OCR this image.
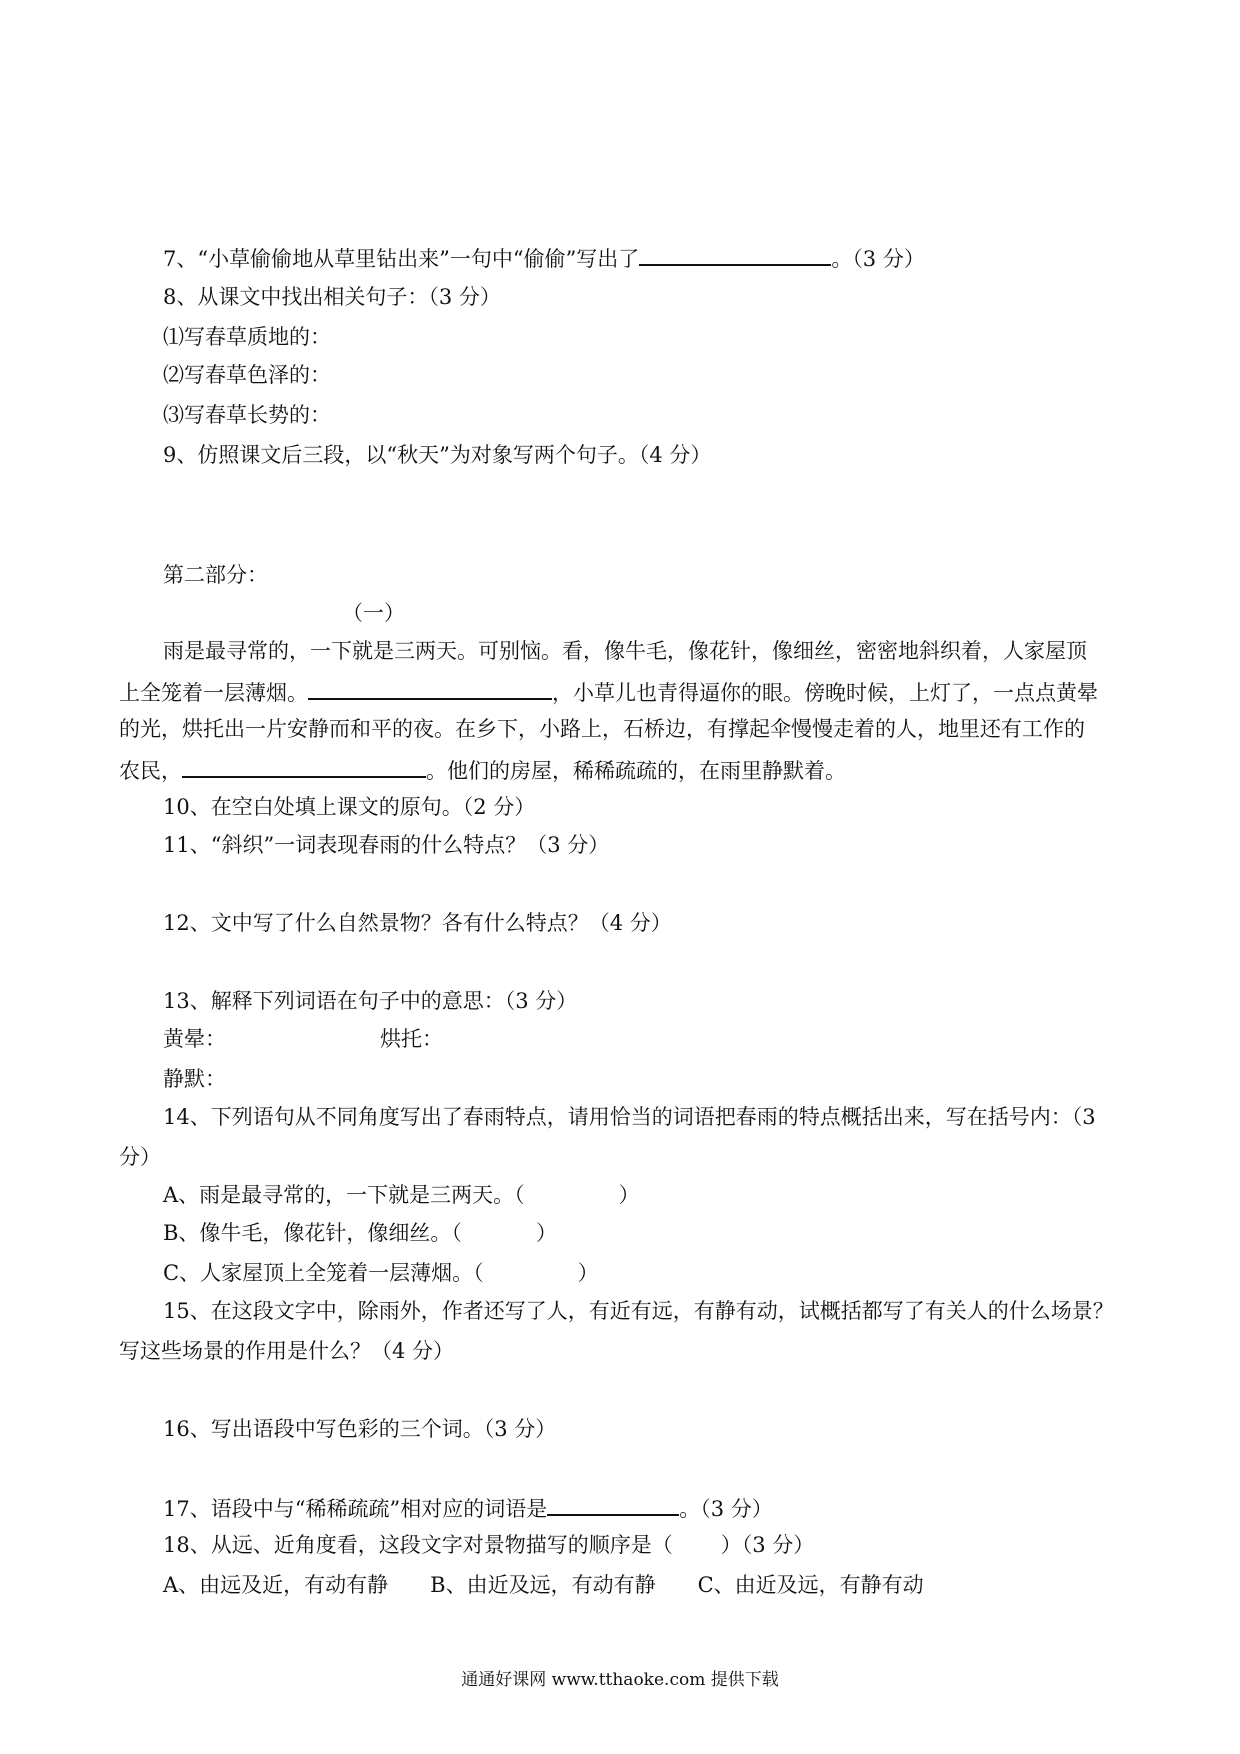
7、“小草偷偷地从草里钻出来”一句中“偷偷”写出了	。（3 分）

8、从课文中找出相关句子：（3 分）

⑴写春草质地的：

⑵写春草色泽的：

⑶写春草长势的：

9、仿照课文后三段，以“秋天”为对象写两个句子。（4 分）

第二部分：

（一）

雨是最寻常的，一下就是三两天。可别恼。看，像牛毛，像花针，像细丝，密密地斜织着，人家屋顶

上全笼着一层薄烟。	，小草儿也青得逼你的眼。傍晚时候，上灯了，一点点黄晕

的光，烘托出一片安静而和平的夜。在乡下，小路上，石桥边，有撑起伞慢慢走着的人，地里还有工作的

农民，	。他们的房屋，稀稀疏疏的，在雨里静默着。

10、在空白处填上课文的原句。（2 分）

11、“斜织”一词表现春雨的什么特点？（3 分）

12、文中写了什么自然景物？各有什么特点？（4 分）

13、解释下列词语在句子中的意思：（3 分）

黄晕：	烘托：

静默：

14、下列语句从不同角度写出了春雨特点，请用恰当的词语把春雨的特点概括出来，写在括号内：（3

分）

A、雨是最寻常的，一下就是三两天。（	）

B、像牛毛，像花针，像细丝。（	）

C、人家屋顶上全笼着一层薄烟。（	）

15、在这段文字中，除雨外，作者还写了人，有近有远，有静有动，试概括都写了有关人的什么场景？

写这些场景的作用是什么？（4 分）

16、写出语段中写色彩的三个词。（3 分）

17、语段中与“稀稀疏疏”相对应的词语是	。（3 分）

18、从远、近角度看，这段文字对景物描写的顺序是（ ）（3 分）

A、由远及近，有动有静　　B、由近及远，有动有静　　C、由近及远，有静有动

通通好课网 www.tthaoke.com 提供下载
